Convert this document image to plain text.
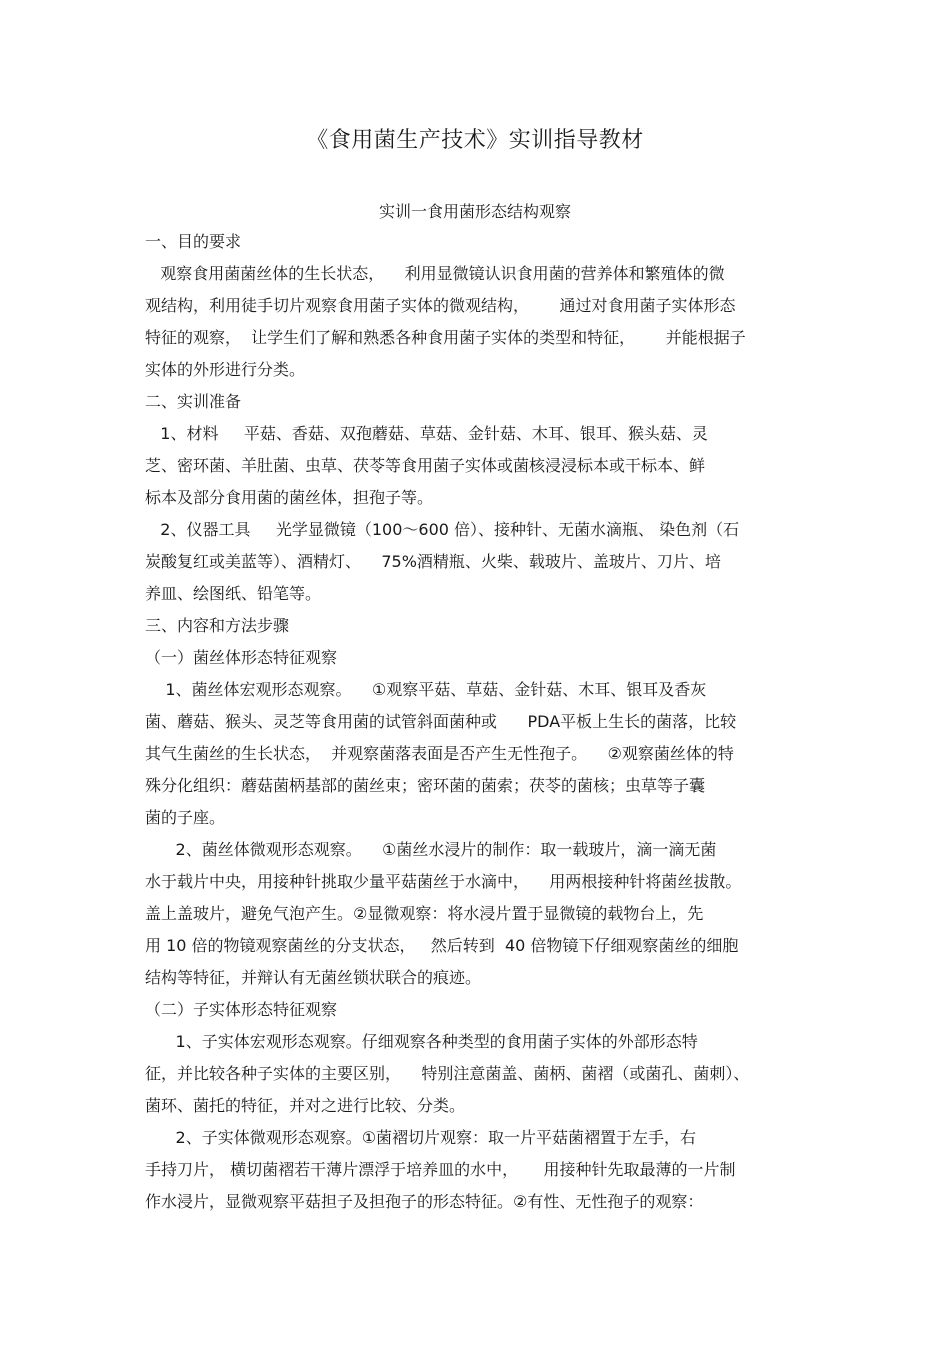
《食用菌生产技术》实训指导教材
实训一食用菌形态结构观察
一、目的要求
观察食用菌菌丝体的生长状态，    利用显微镜认识食用菌的营养体和繁殖体的微
观结构，利用徒手切片观察食用菌子实体的微观结构，      通过对食用菌子实体形态
特征的观察，  让学生们了解和熟悉各种食用菌子实体的类型和特征，      并能根据子
实体的外形进行分类。
二、实训准备
1、材料     平菇、香菇、双孢蘑菇、草菇、金针菇、木耳、银耳、猴头菇、灵
芝、密环菌、羊肚菌、虫草、茯苓等食用菌子实体或菌核浸浸标本或干标本、鲜
标本及部分食用菌的菌丝体，担孢子等。
2、仪器工具     光学显微镜（100～600 倍）、接种针、无菌水滴瓶、 染色剂（石
炭酸复红或美蓝等）、酒精灯、    75%酒精瓶、火柴、载玻片、盖玻片、刀片、培
养皿、绘图纸、铅笔等。
三、内容和方法步骤
（一）菌丝体形态特征观察
1、菌丝体宏观形态观察。    ①观察平菇、草菇、金针菇、木耳、银耳及香灰
菌、蘑菇、猴头、灵芝等食用菌的试管斜面菌种或      PDA平板上生长的菌落，比较
其气生菌丝的生长状态，  并观察菌落表面是否产生无性孢子。    ②观察菌丝体的特
殊分化组织：蘑菇菌柄基部的菌丝束；密环菌的菌索；茯苓的菌核；虫草等子囊
菌的子座。
2、菌丝体微观形态观察。    ①菌丝水浸片的制作：取一载玻片，滴一滴无菌
水于载片中央，用接种针挑取少量平菇菌丝于水滴中，    用两根接种针将菌丝拔散。
盖上盖玻片，避免气泡产生。②显微观察：将水浸片置于显微镜的载物台上，先
用 10 倍的物镜观察菌丝的分支状态，   然后转到  40 倍物镜下仔细观察菌丝的细胞
结构等特征，并辩认有无菌丝锁状联合的痕迹。
（二）子实体形态特征观察
1、子实体宏观形态观察。仔细观察各种类型的食用菌子实体的外部形态特
征，并比较各种子实体的主要区别，    特别注意菌盖、菌柄、菌褶（或菌孔、菌刺）、
菌环、菌托的特征，并对之进行比较、分类。
2、子实体微观形态观察。①菌褶切片观察：取一片平菇菌褶置于左手，右
手持刀片， 横切菌褶若干薄片漂浮于培养皿的水中，     用接种针先取最薄的一片制
作水浸片，显微观察平菇担子及担孢子的形态特征。②有性、无性孢子的观察：
